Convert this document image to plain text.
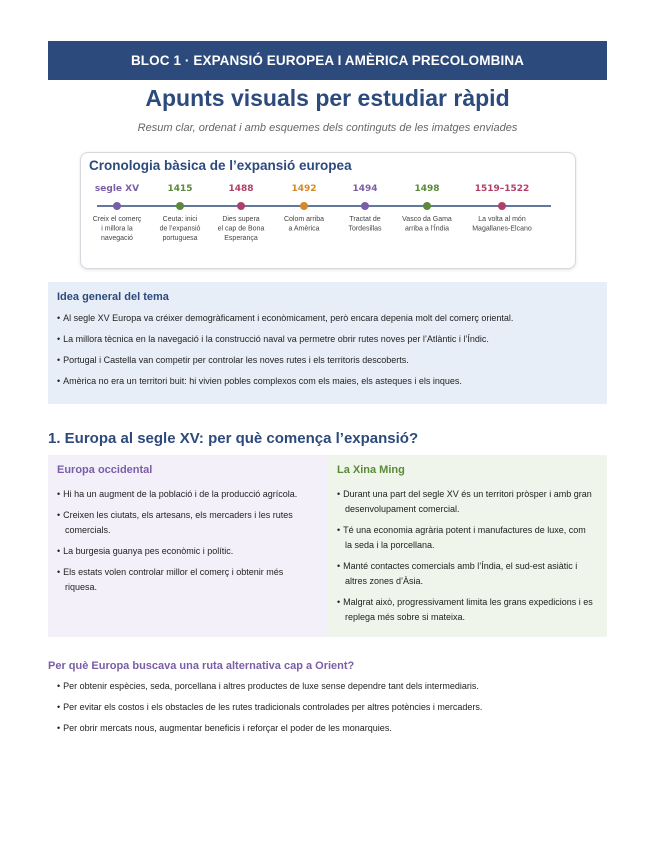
BLOC 1 · EXPANSIÓ EUROPEA I AMÈRICA PRECOLOMBINA
Apunts visuals per estudiar ràpid
Resum clar, ordenat i amb esquemes dels continguts de les imatges enviades
Cronologia bàsica de l’expansió europea
segle XV
Creix el comerç
i millora la
navegació
1415
Ceuta: inici
de l’expansió
portuguesa
1488
Dies supera
el cap de Bona
Esperança
1492
Colom arriba
a Amèrica
1494
Tractat de
Tordesillas
1498
Vasco da Gama
arriba a l’Índia
1519–1522
La volta al món
Magallanes-Elcano
Idea general del tema
• Al segle XV Europa va créixer demogràficament i econòmicament, però encara depenia molt del comerç oriental.
• La millora tècnica en la navegació i la construcció naval va permetre obrir rutes noves per l’Atlàntic i l’Índic.
• Portugal i Castella van competir per controlar les noves rutes i els territoris descoberts.
• Amèrica no era un territori buit: hi vivien pobles complexos com els maies, els asteques i els inques.
1. Europa al segle XV: per què comença l’expansió?
Europa occidental
• Hi ha un augment de la població i de la producció agrícola.
• Creixen les ciutats, els artesans, els mercaders i les rutes comercials.
• La burgesia guanya pes econòmic i polític.
• Els estats volen controlar millor el comerç i obtenir més riquesa.
La Xina Ming
• Durant una part del segle XV és un territori pròsper i amb gran desenvolupament comercial.
• Té una economia agrària potent i manufactures de luxe, com la seda i la porcellana.
• Manté contactes comercials amb l’Índia, el sud-est asiàtic i altres zones d’Àsia.
• Malgrat això, progressivament limita les grans expedicions i es replega més sobre si mateixa.
Per què Europa buscava una ruta alternativa cap a Orient?
• Per obtenir espècies, seda, porcellana i altres productes de luxe sense dependre tant dels intermediaris.
• Per evitar els costos i els obstacles de les rutes tradicionals controlades per altres potències i mercaders.
• Per obrir mercats nous, augmentar beneficis i reforçar el poder de les monarquies.
